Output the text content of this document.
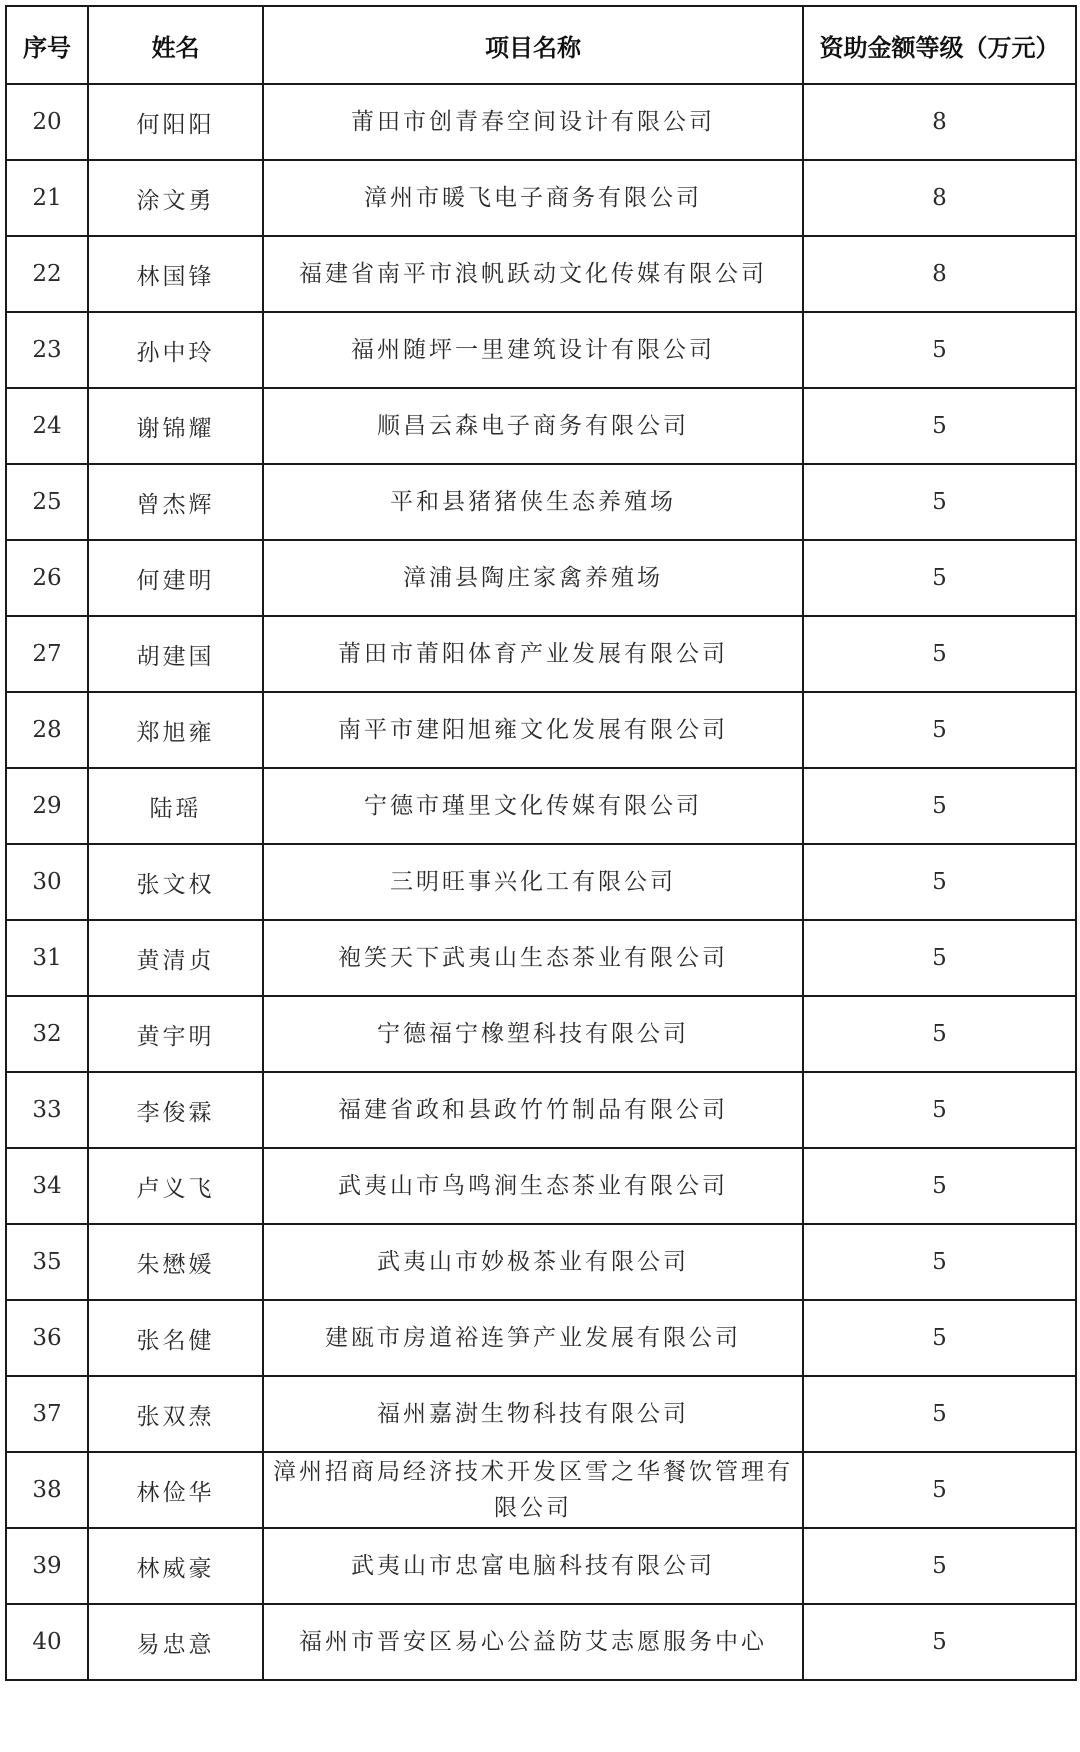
序号	姓名	项目名称	资助金额等级（万元）
20	何阳阳	莆田市创青春空间设计有限公司	8
21	涂文勇	漳州市暖飞电子商务有限公司	8
22	林国锋	福建省南平市浪帆跃动文化传媒有限公司	8
23	孙中玲	福州随坪一里建筑设计有限公司	5
24	谢锦耀	顺昌云森电子商务有限公司	5
25	曾杰辉	平和县猪猪侠生态养殖场	5
26	何建明	漳浦县陶庄家禽养殖场	5
27	胡建国	莆田市莆阳体育产业发展有限公司	5
28	郑旭雍	南平市建阳旭雍文化发展有限公司	5
29	陆瑶	宁德市瑾里文化传媒有限公司	5
30	张文权	三明旺事兴化工有限公司	5
31	黄清贞	袍笑天下武夷山生态茶业有限公司	5
32	黄宇明	宁德福宁橡塑科技有限公司	5
33	李俊霖	福建省政和县政竹竹制品有限公司	5
34	卢义飞	武夷山市鸟鸣涧生态茶业有限公司	5
35	朱懋媛	武夷山市妙极茶业有限公司	5
36	张名健	建瓯市房道裕连笋产业发展有限公司	5
37	张双焘	福州嘉澍生物科技有限公司	5
38	林俭华	漳州招商局经济技术开发区雪之华餐饮管理有限公司	5
39	林威豪	武夷山市忠富电脑科技有限公司	5
40	易忠意	福州市晋安区易心公益防艾志愿服务中心	5
